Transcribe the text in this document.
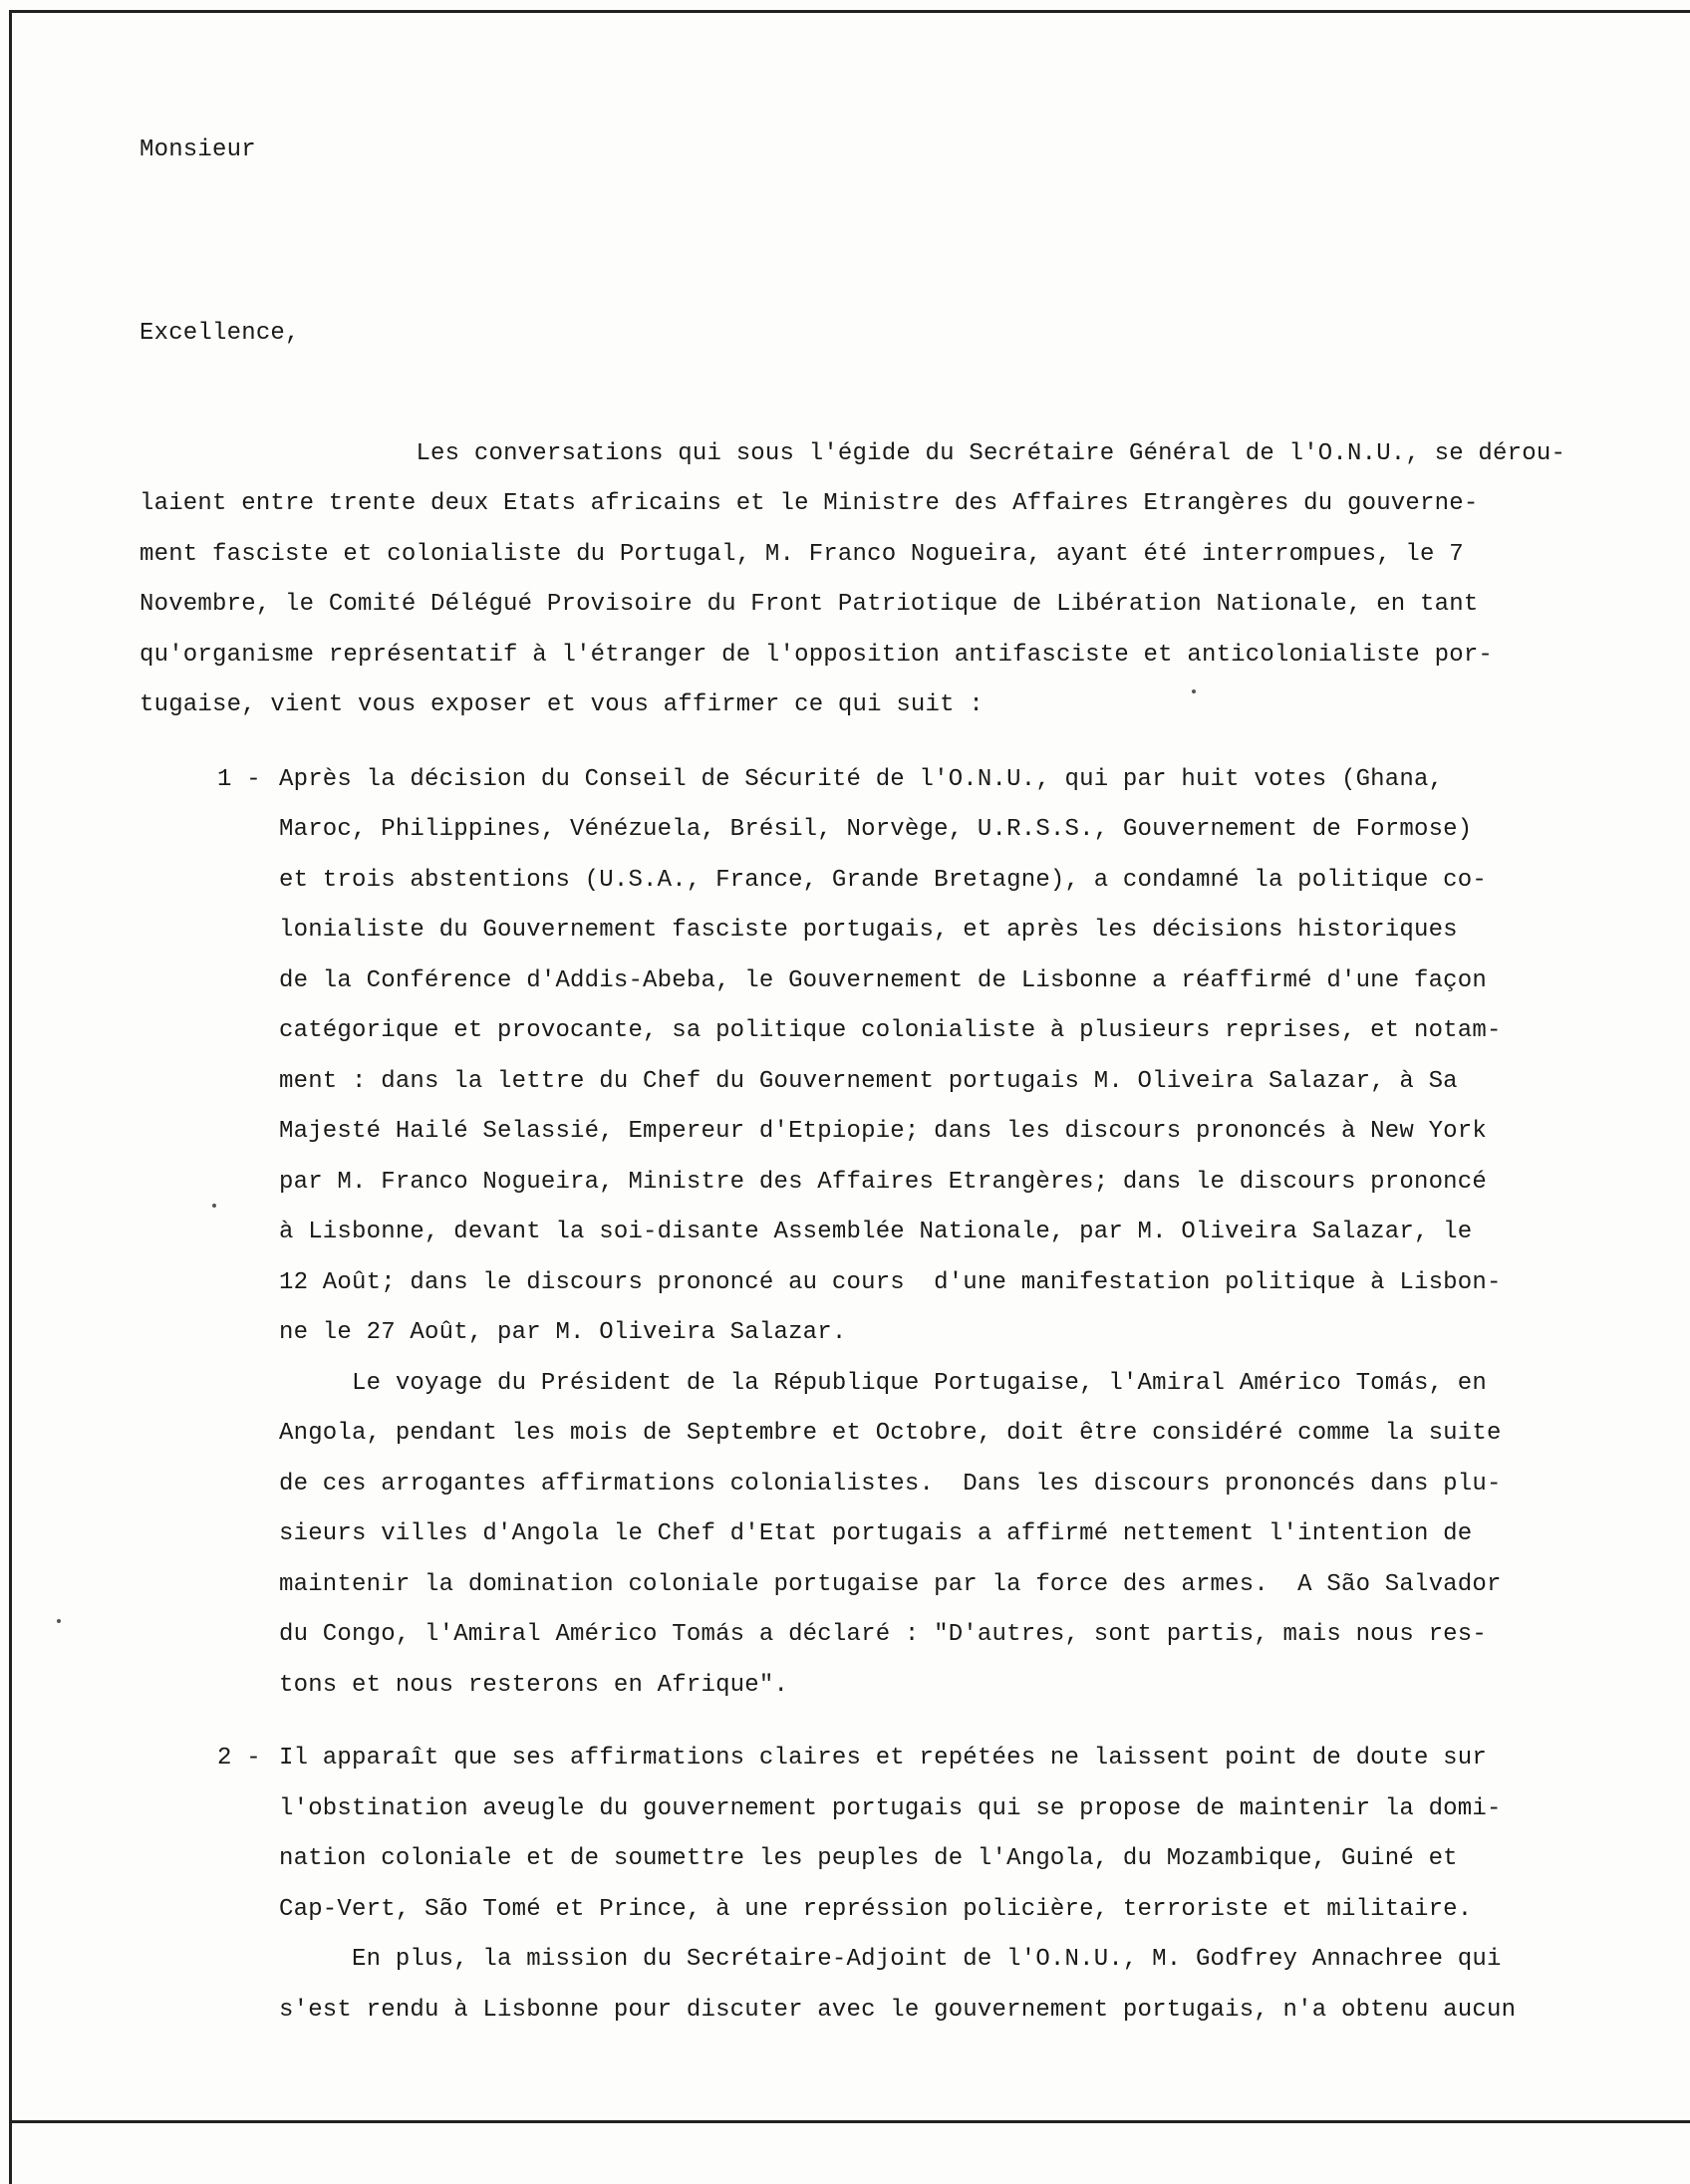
Monsieur

Excellence,

Les conversations qui sous l'égide du Secrétaire Général de l'O.N.U., se dérou-
laient entre trente deux Etats africains et le Ministre des Affaires Etrangères du gouverne-
ment fasciste et colonialiste du Portugal, M. Franco Nogueira, ayant été interrompues, le 7
Novembre, le Comité Délégué Provisoire du Front Patriotique de Libération Nationale, en tant
qu'organisme représentatif à l'étranger de l'opposition antifasciste et anticolonialiste por-
tugaise, vient vous exposer et vous affirmer ce qui suit :

1 - Après la décision du Conseil de Sécurité de l'O.N.U., qui par huit votes (Ghana,
Maroc, Philippines, Vénézuela, Brésil, Norvège, U.R.S.S., Gouvernement de Formose)
et trois abstentions (U.S.A., France, Grande Bretagne), a condamné la politique co-
lonialiste du Gouvernement fasciste portugais, et après les décisions historiques
de la Conférence d'Addis-Abeba, le Gouvernement de Lisbonne a réaffirmé d'une façon
catégorique et provocante, sa politique colonialiste à plusieurs reprises, et notam-
ment : dans la lettre du Chef du Gouvernement portugais M. Oliveira Salazar, à Sa
Majesté Hailé Selassié, Empereur d'Etpiopie; dans les discours prononcés à New York
par M. Franco Nogueira, Ministre des Affaires Etrangères; dans le discours prononcé
à Lisbonne, devant la soi-disante Assemblée Nationale, par M. Oliveira Salazar, le
12 Août; dans le discours prononcé au cours  d'une manifestation politique à Lisbon-
ne le 27 Août, par M. Oliveira Salazar.

Le voyage du Président de la République Portugaise, l'Amiral Américo Tomás, en
Angola, pendant les mois de Septembre et Octobre, doit être considéré comme la suite
de ces arrogantes affirmations colonialistes.  Dans les discours prononcés dans plu-
sieurs villes d'Angola le Chef d'Etat portugais a affirmé nettement l'intention de
maintenir la domination coloniale portugaise par la force des armes.  A São Salvador
du Congo, l'Amiral Américo Tomás a déclaré : "D'autres, sont partis, mais nous res-
tons et nous resterons en Afrique".

2 - Il apparaît que ses affirmations claires et repétées ne laissent point de doute sur
l'obstination aveugle du gouvernement portugais qui se propose de maintenir la domi-
nation coloniale et de soumettre les peuples de l'Angola, du Mozambique, Guiné et
Cap-Vert, São Tomé et Prince, à une représsion policière, terroriste et militaire.

En plus, la mission du Secrétaire-Adjoint de l'O.N.U., M. Godfrey Annachree qui
s'est rendu à Lisbonne pour discuter avec le gouvernement portugais, n'a obtenu aucun
